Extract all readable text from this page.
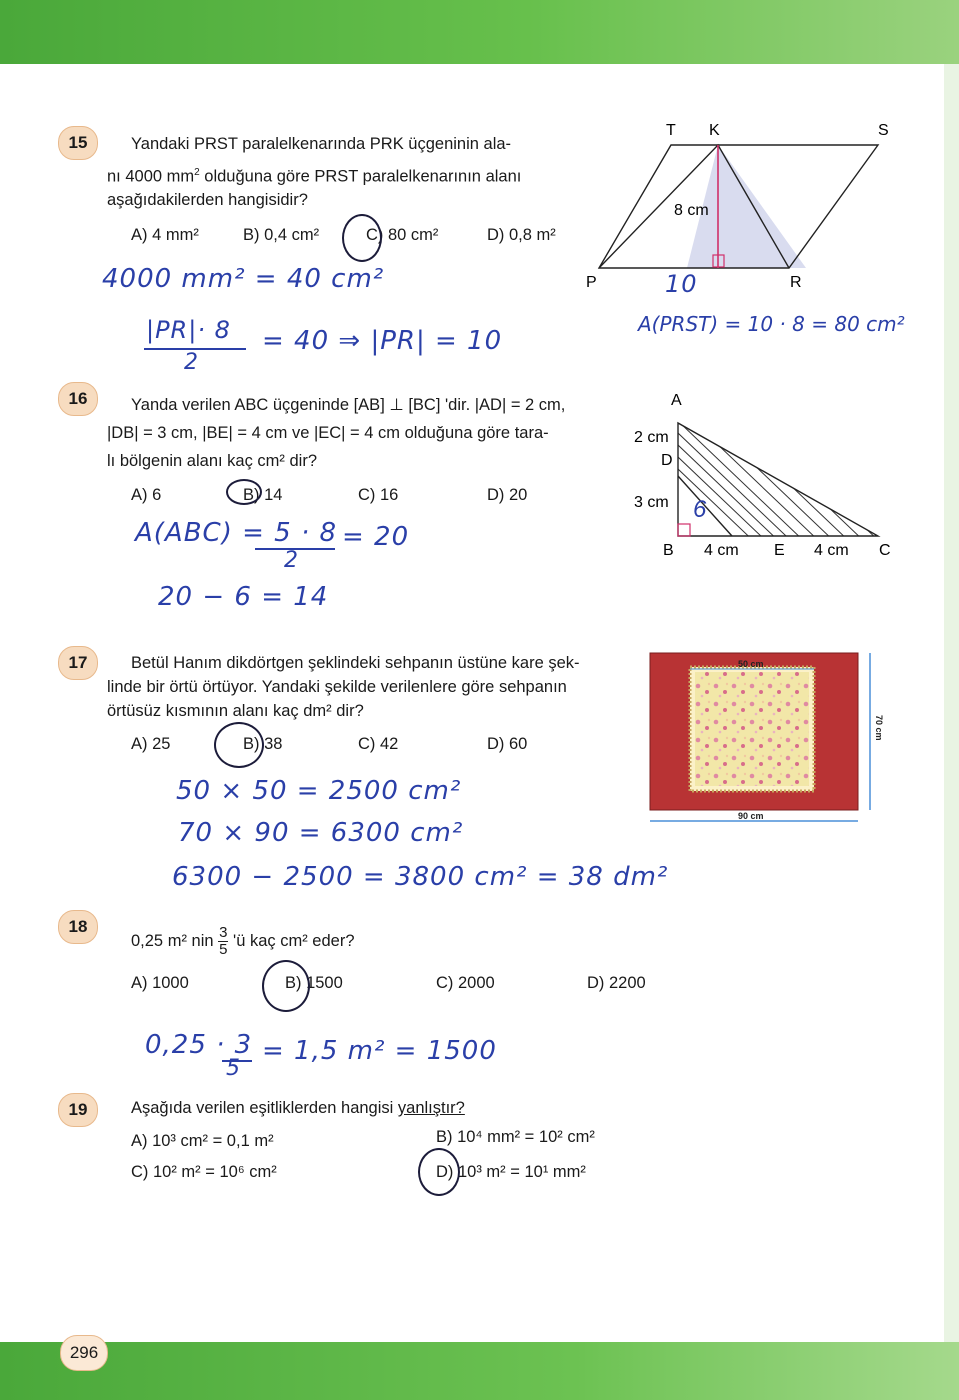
15	Yandaki PRST paralelkenarında PRK üçgeninin ala-
nı 4000 $mm^2$ olduğuna göre PRST paralelkenarının alanı
aşağıdakilerden hangisidir?
A) 4 mm²	B) 0,4 cm²	C) 80 cm²	D) 0,8 m²
4000 mm² = 40 cm²
|PR|· 8
2
= 40 ⇒ |PR| = 10
10
A(PRST) = 10 · 8 = 80 cm²
T K	S
P	R
8 cm
16	Yanda verilen ABC üçgeninde [AB] ⊥ [BC] 'dir. |AD| = 2 cm,
|DB| = 3 cm, |BE| = 4 cm ve |EC| = 4 cm olduğuna göre tara-
lı bölgenin alanı kaç cm² dir?
A) 6	B) 14	C) 16	D) 20
A(ABC) = 5 · 8
2
= 20
20 − 6 = 14
A
D
B	E	C
2 cm
3 cm
4 cm	4 cm
6
17	Betül Hanım dikdörtgen şeklindeki sehpanın üstüne kare şek-
linde bir örtü örtüyor. Yandaki şekilde verilenlere göre sehpanın
örtüsüz kısmının alanı kaç dm² dir?
A) 25	B) 38	C) 42	D) 60
50 × 50 = 2500 cm²
70 × 90 = 6300 cm²
6300 − 2500 = 3800 cm² = 38 dm²
50 cm
90 cm
70 cm
18
0,25 m² nin $\frac{3}{5}$ 'ü kaç cm² eder?
A) 1000	B) 1500	C) 2000	D) 2200
0,25 · 3
5
= 1,5 m² = 1500
19	Aşağıda verilen eşitliklerden hangisi yanlıştır?
A) 10³ cm² = 0,1 m²	B) 10⁴ mm² = 10² cm²
C) 10² m² = 10⁶ cm²	D) 10³ m² = 10¹ mm²
296
